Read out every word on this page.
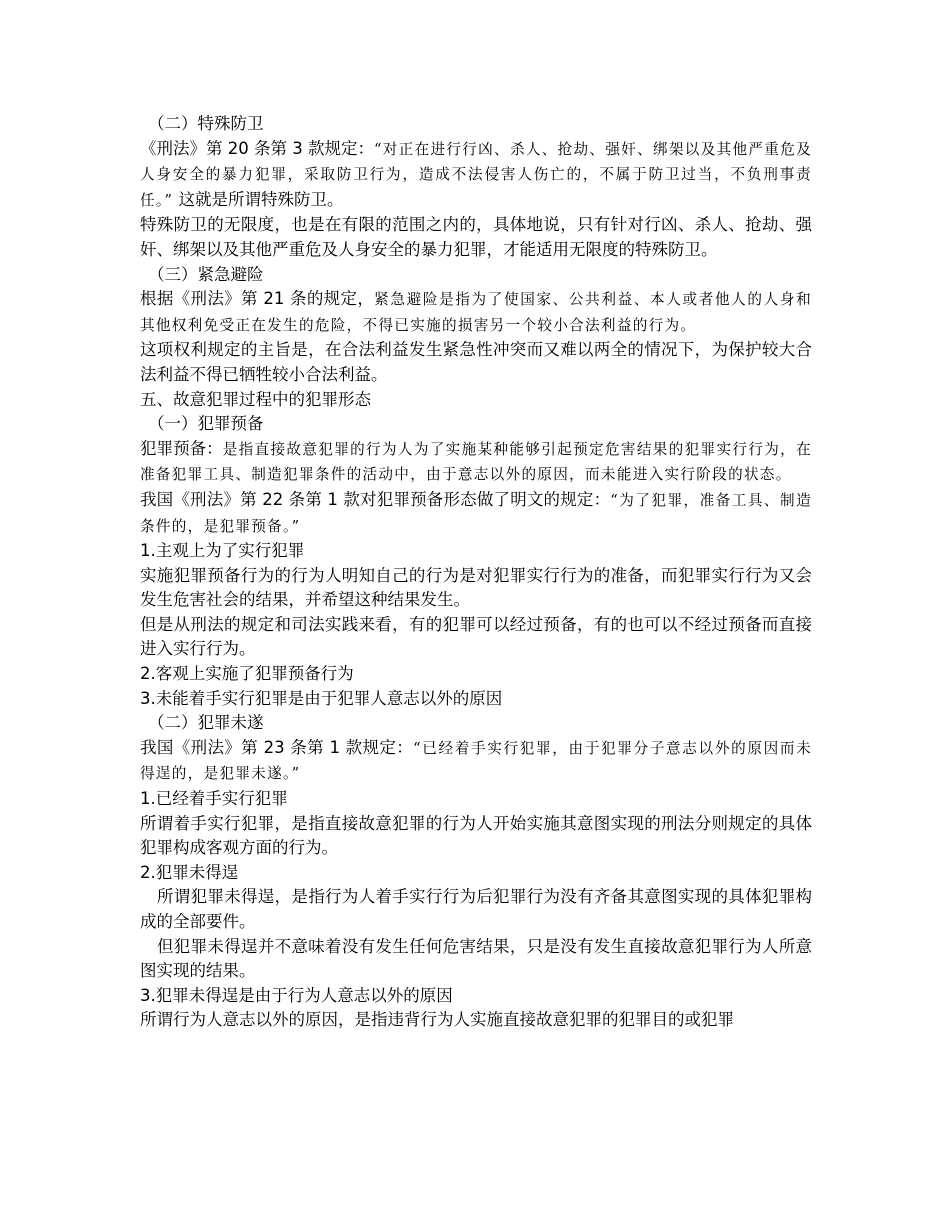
（二）特殊防卫

《刑法》第 20 条第 3 款规定：“对正在进行行凶、杀人、抢劫、强奸、绑架以及其他严重危及人身安全的暴力犯罪，采取防卫行为，造成不法侵害人伤亡的，不属于防卫过当，不负刑事责任。” 这就是所谓特殊防卫。

特殊防卫的无限度，也是在有限的范围之内的，具体地说，只有针对行凶、杀人、抢劫、强奸、绑架以及其他严重危及人身安全的暴力犯罪，才能适用无限度的特殊防卫。

（三）紧急避险

根据《刑法》第 21 条的规定，紧急避险是指为了使国家、公共利益、本人或者他人的人身和其他权利免受正在发生的危险，不得已实施的损害另一个较小合法利益的行为。

这项权利规定的主旨是，在合法利益发生紧急性冲突而又难以两全的情况下，为保护较大合法利益不得已牺牲较小合法利益。

五、故意犯罪过程中的犯罪形态

（一）犯罪预备

犯罪预备：是指直接故意犯罪的行为人为了实施某种能够引起预定危害结果的犯罪实行行为，在准备犯罪工具、制造犯罪条件的活动中，由于意志以外的原因，而未能进入实行阶段的状态。

我国《刑法》第 22 条第 1 款对犯罪预备形态做了明文的规定：“为了犯罪，准备工具、制造条件的，是犯罪预备。”

1.主观上为了实行犯罪

实施犯罪预备行为的行为人明知自己的行为是对犯罪实行行为的准备，而犯罪实行行为又会发生危害社会的结果，并希望这种结果发生。

但是从刑法的规定和司法实践来看，有的犯罪可以经过预备，有的也可以不经过预备而直接进入实行行为。

2.客观上实施了犯罪预备行为

3.未能着手实行犯罪是由于犯罪人意志以外的原因

（二）犯罪未遂

我国《刑法》第 23 条第 1 款规定：“已经着手实行犯罪，由于犯罪分子意志以外的原因而未得逞的，是犯罪未遂。”

1.已经着手实行犯罪

所谓着手实行犯罪，是指直接故意犯罪的行为人开始实施其意图实现的刑法分则规定的具体犯罪构成客观方面的行为。

2.犯罪未得逞

所谓犯罪未得逞，是指行为人着手实行行为后犯罪行为没有齐备其意图实现的具体犯罪构成的全部要件。

但犯罪未得逞并不意味着没有发生任何危害结果，只是没有发生直接故意犯罪行为人所意图实现的结果。

3.犯罪未得逞是由于行为人意志以外的原因

所谓行为人意志以外的原因，是指违背行为人实施直接故意犯罪的犯罪目的或犯罪
